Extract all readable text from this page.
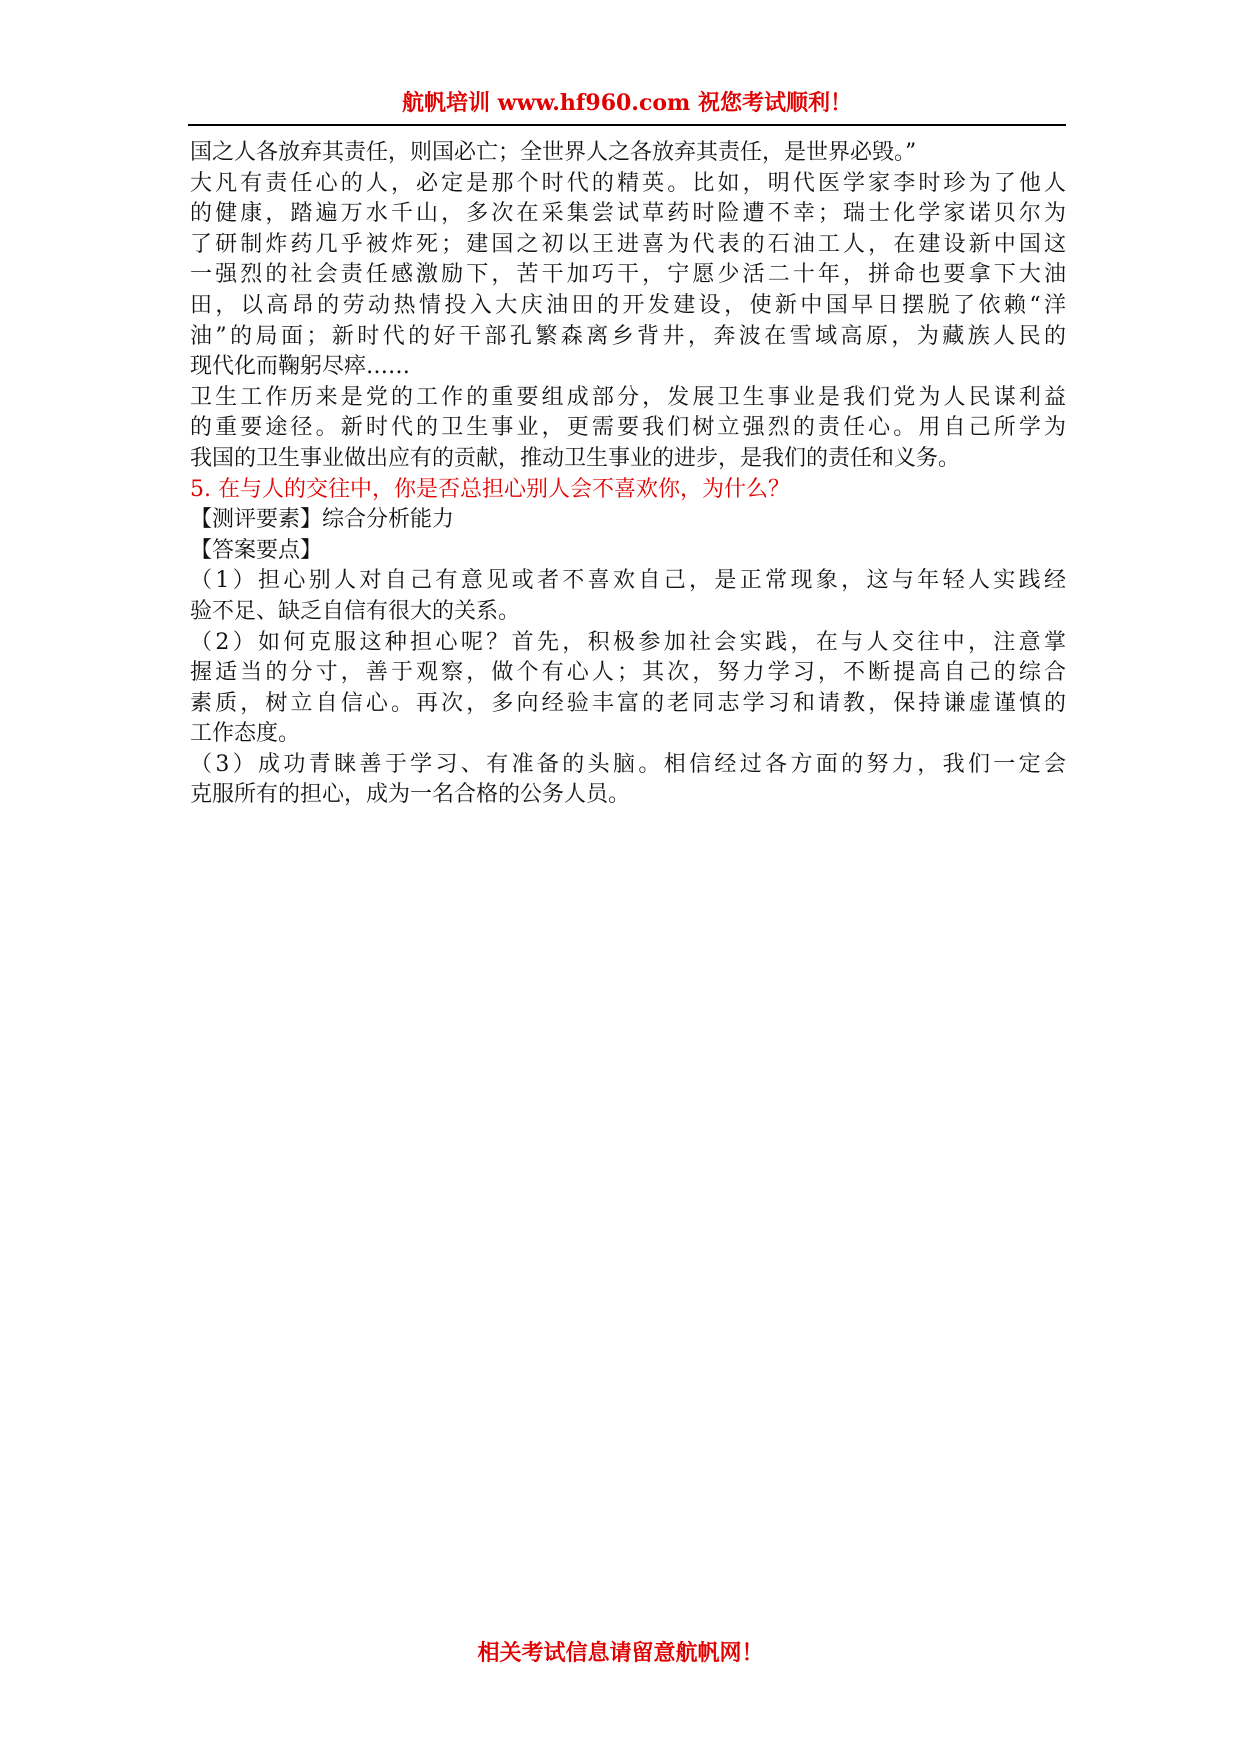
航帆培训 www.hf960.com 祝您考试顺利！
国之人各放弃其责任，则国必亡；全世界人之各放弃其责任，是世界必毁。”
大凡有责任心的人，必定是那个时代的精英。比如，明代医学家李时珍为了他人
的健康，踏遍万水千山，多次在采集尝试草药时险遭不幸；瑞士化学家诺贝尔为
了研制炸药几乎被炸死；建国之初以王进喜为代表的石油工人，在建设新中国这
一强烈的社会责任感激励下，苦干加巧干，宁愿少活二十年，拼命也要拿下大油
田，以高昂的劳动热情投入大庆油田的开发建设，使新中国早日摆脱了依赖“洋
油”的局面；新时代的好干部孔繁森离乡背井，奔波在雪域高原，为藏族人民的
现代化而鞠躬尽瘁……
卫生工作历来是党的工作的重要组成部分，发展卫生事业是我们党为人民谋利益
的重要途径。新时代的卫生事业，更需要我们树立强烈的责任心。用自己所学为
我国的卫生事业做出应有的贡献，推动卫生事业的进步，是我们的责任和义务。
5. 在与人的交往中，你是否总担心别人会不喜欢你，为什么？
【测评要素】综合分析能力
【答案要点】
（1）担心别人对自己有意见或者不喜欢自己，是正常现象，这与年轻人实践经
验不足、缺乏自信有很大的关系。
（2）如何克服这种担心呢？首先，积极参加社会实践，在与人交往中，注意掌
握适当的分寸，善于观察，做个有心人；其次，努力学习，不断提高自己的综合
素质，树立自信心。再次，多向经验丰富的老同志学习和请教，保持谦虚谨慎的
工作态度。
（3）成功青睐善于学习、有准备的头脑。相信经过各方面的努力，我们一定会
克服所有的担心，成为一名合格的公务人员。
相关考试信息请留意航帆网！
